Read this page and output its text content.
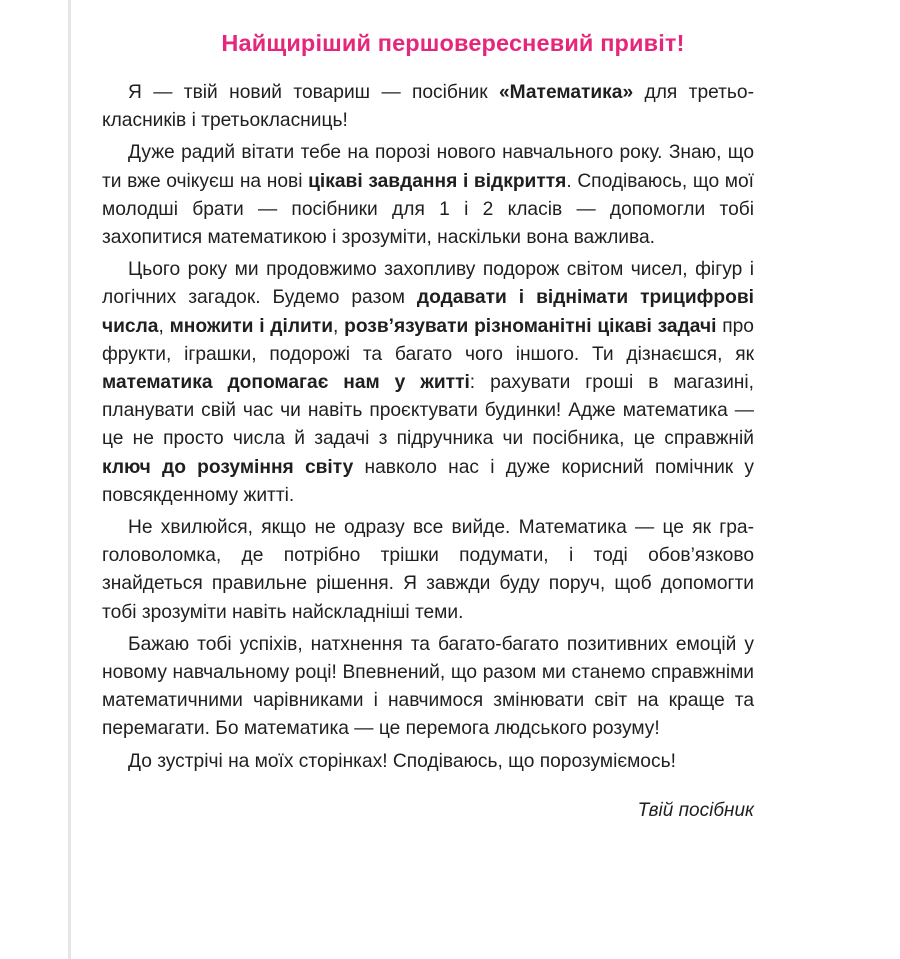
Найщиріший першовересневий привіт!

Я — твій новий товариш — посібник «Математика» для третьокласників і третьокласниць!

Дуже радий вітати тебе на порозі нового навчального року. Знаю, що ти вже очікуєш на нові цікаві завдання і відкриття. Сподіваюсь, що мої молодші брати — посібники для 1 і 2 класів — допомогли тобі захопитися математикою і зрозуміти, наскільки вона важлива.

Цього року ми продовжимо захопливу подорож світом чисел, фігур і логічних загадок. Будемо разом додавати і віднімати трицифрові числа, множити і ділити, розв’язувати різноманітні цікаві задачі про фрукти, іграшки, подорожі та багато чого іншого. Ти дізнаєшся, як математика допомагає нам у житті: рахувати гроші в магазині, планувати свій час чи навіть проєктувати будинки! Адже математика — це не просто числа й задачі з підручника чи посібника, це справжній ключ до розуміння світу навколо нас і дуже корисний помічник у повсякденному житті.

Не хвилюйся, якщо не одразу все вийде. Математика — це як гра-головоломка, де потрібно трішки подумати, і тоді обов’язково знайдеться правильне рішення. Я завжди буду поруч, щоб допомогти тобі зрозуміти навіть найскладніші теми.

Бажаю тобі успіхів, натхнення та багато-багато позитивних емоцій у новому навчальному році! Впевнений, що разом ми станемо справжніми математичними чарівниками і навчимося змінювати світ на краще та перемагати. Бо математика — це перемога людського розуму!

До зустрічі на моїх сторінках! Сподіваюсь, що порозуміємось!

Твій посібник
